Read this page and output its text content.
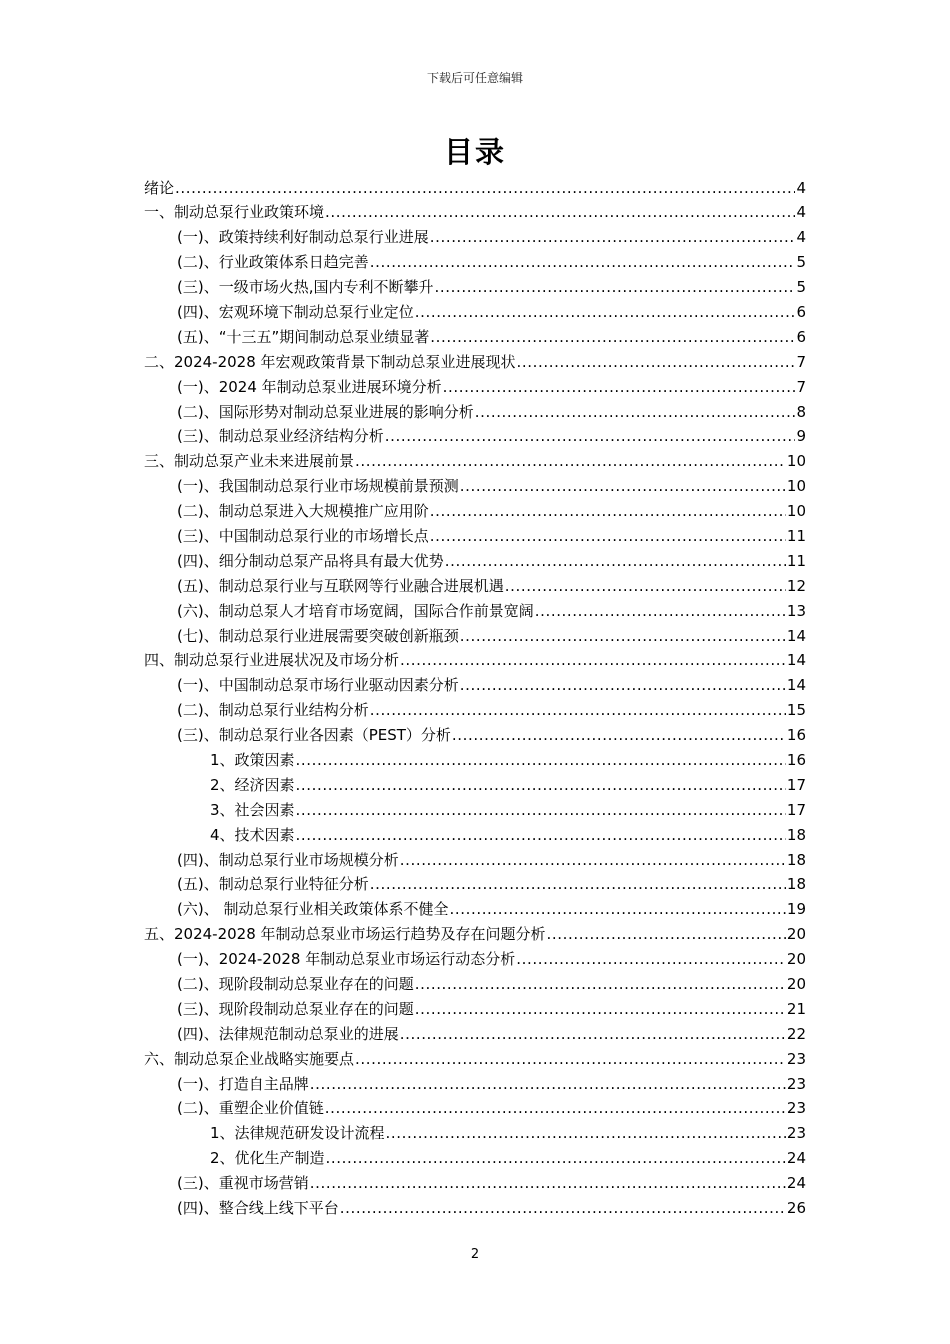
下载后可任意编辑
目录
绪论 .....	4
一、制动总泵行业政策环境 .....	4
(一)、政策持续利好制动总泵行业进展 .....	4
(二)、行业政策体系日趋完善 .....	5
(三)、一级市场火热,国内专利不断攀升 .....	5
(四)、宏观环境下制动总泵行业定位 .....	6
(五)、“十三五”期间制动总泵业绩显著 .....	6
二、2024-2028 年宏观政策背景下制动总泵业进展现状 .....	7
(一)、2024 年制动总泵业进展环境分析 .....	7
(二)、国际形势对制动总泵业进展的影响分析 .....	8
(三)、制动总泵业经济结构分析 .....	9
三、制动总泵产业未来进展前景 .....	10
(一)、我国制动总泵行业市场规模前景预测 .....	10
(二)、制动总泵进入大规模推广应用阶 .....	10
(三)、中国制动总泵行业的市场增长点 .....	11
(四)、细分制动总泵产品将具有最大优势 .....	11
(五)、制动总泵行业与互联网等行业融合进展机遇 .....	12
(六)、制动总泵人才培育市场宽阔，国际合作前景宽阔 .....	13
(七)、制动总泵行业进展需要突破创新瓶颈 .....	14
四、制动总泵行业进展状况及市场分析 .....	14
(一)、中国制动总泵市场行业驱动因素分析 .....	14
(二)、制动总泵行业结构分析 .....	15
(三)、制动总泵行业各因素（PEST）分析 .....	16
1、政策因素 .....	16
2、经济因素 .....	17
3、社会因素 .....	17
4、技术因素 .....	18
(四)、制动总泵行业市场规模分析 .....	18
(五)、制动总泵行业特征分析 .....	18
(六)、 制动总泵行业相关政策体系不健全 .....	19
五、2024-2028 年制动总泵业市场运行趋势及存在问题分析 .....	20
(一)、2024-2028 年制动总泵业市场运行动态分析 .....	20
(二)、现阶段制动总泵业存在的问题 .....	20
(三)、现阶段制动总泵业存在的问题 .....	21
(四)、法律规范制动总泵业的进展 .....	22
六、制动总泵企业战略实施要点 .....	23
(一)、打造自主品牌 .....	23
(二)、重塑企业价值链 .....	23
1、法律规范研发设计流程 .....	23
2、优化生产制造 .....	24
(三)、重视市场营销 .....	24
(四)、整合线上线下平台 .....	26
2
